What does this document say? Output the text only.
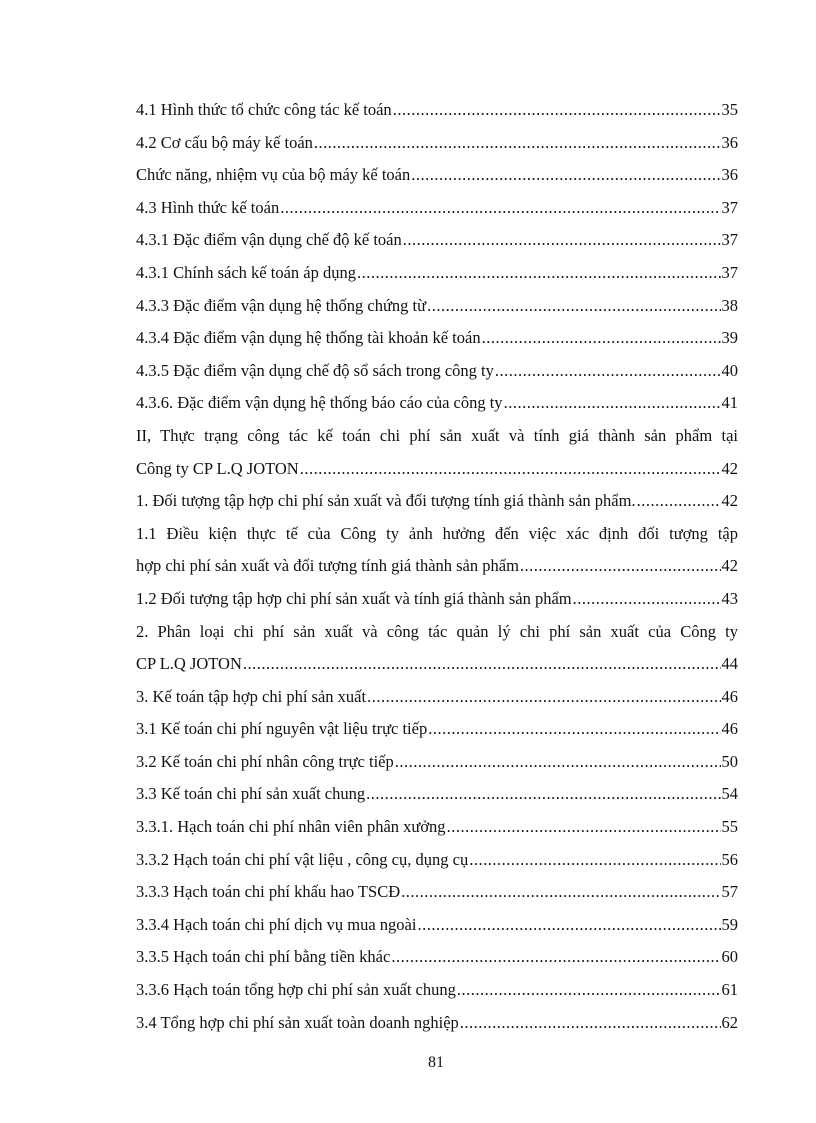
4.1 Hình thức tổ chức công tác kế toán .....	35
4.2 Cơ cấu bộ máy kế toán .....	36
Chức năng, nhiệm vụ của bộ máy kế toán .....	36
4.3 Hình thức kế toán .....	37
4.3.1 Đặc điểm vận dụng chế độ kế toán .....	37
4.3.1 Chính sách kế toán áp dụng .....	37
4.3.3 Đặc điểm vận dụng hệ thống chứng từ .....	38
4.3.4 Đặc điểm vận dụng hệ thống tài khoản kế toán .....	39
4.3.5 Đặc điểm vận dụng chế độ sổ sách trong công ty .....	40
4.3.6. Đặc điểm vận dụng hệ thống báo cáo của công ty .....	41
II, Thực trạng công tác kế toán chi phí sản xuất và tính giá thành sản phẩm tại
Công ty CP L.Q JOTON .....	42
1. Đối tượng tập hợp chi phí sản xuất và đối tượng tính giá thành sản phẩm. .....	42
1.1 Điều kiện thực tế của Công ty ảnh hưởng đến việc xác định đối tượng tập
hợp chi phí sản xuất và đối tượng tính giá thành sản phẩm .....	42
1.2 Đối tượng tập hợp chi phí sản xuất và tính giá thành sản phẩm .....	43
2. Phân loại chi phí sản xuất và công tác quản lý chi phí sản xuất của Công ty
CP L.Q JOTON .....	44
3. Kế toán tập hợp chi phí sản xuất .....	46
3.1 Kế toán chi phí nguyên vật liệu trực tiếp .....	46
3.2 Kế toán chi phí nhân công trực tiếp .....	50
3.3 Kế toán chi phí sản xuất chung .....	54
3.3.1. Hạch toán chi phí nhân viên phân xưởng .....	55
3.3.2 Hạch toán chi phí vật liệu , công cụ, dụng cụ .....	56
3.3.3 Hạch toán chi phí khấu hao TSCĐ .....	57
3.3.4 Hạch toán chi phí dịch vụ mua ngoài .....	59
3.3.5 Hạch toán chi phí bằng tiền khác .....	60
3.3.6 Hạch toán tổng hợp chi phí sản xuất chung .....	61
3.4 Tổng hợp chi phí sản xuất toàn doanh nghiệp .....	62
81
